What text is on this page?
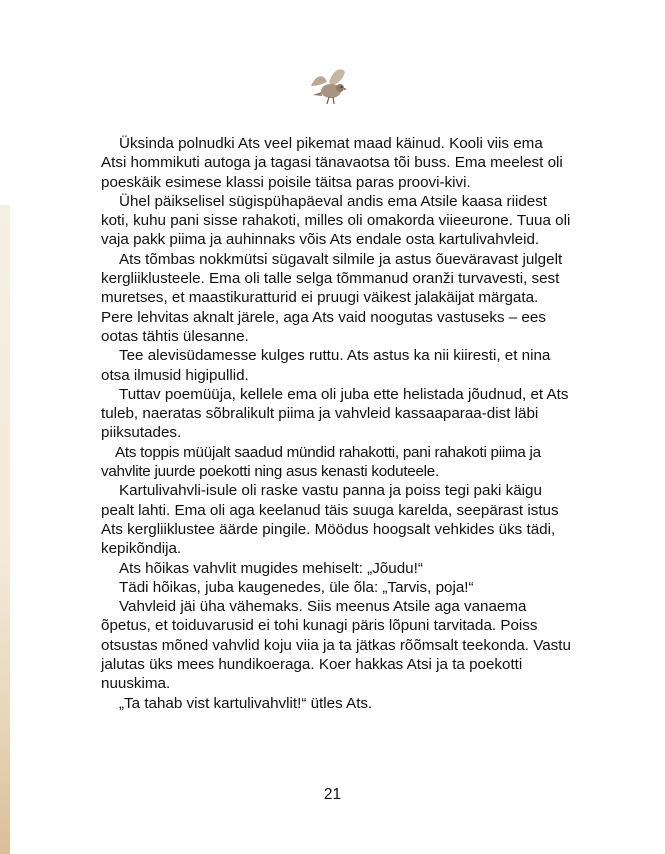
Üksinda polnudki Ats veel pikemat maad käinud. Kooli viis ema Atsi hommikuti autoga ja tagasi tänavaotsa tõi buss. Ema meelest oli poeskäik esimese klassi poisile täitsa paras proovi-kivi.

Ühel päikselisel sügispühapäeval andis ema Atsile kaasa riidest koti, kuhu pani sisse rahakoti, milles oli omakorda viieeurone. Tuua oli vaja pakk piima ja auhinnaks võis Ats endale osta kartulivahvleid.

Ats tõmbas nokkmütsi sügavalt silmile ja astus õueväravast julgelt kergliiklusteele. Ema oli talle selga tõmmanud oranži turvavesti, sest muretses, et maastikuratturid ei pruugi väikest jalakäijat märgata. Pere lehvitas aknalt järele, aga Ats vaid noogutas vastuseks – ees ootas tähtis ülesanne.

Tee alevisüdamesse kulges ruttu. Ats astus ka nii kiiresti, et nina otsa ilmusid higipullid.

Tuttav poemüüja, kellele ema oli juba ette helistada jõudnud, et Ats tuleb, naeratas sõbralikult piima ja vahvleid kassaaparaa-dist läbi piiksutades.

Ats toppis müüjalt saadud mündid rahakotti, pani rahakoti piima ja vahvlite juurde poekotti ning asus kenasti koduteele.

Kartulivahvli-isule oli raske vastu panna ja poiss tegi paki käigu pealt lahti. Ema oli aga keelanud täis suuga karelda, seepärast istus Ats kergliiklustee äärde pingile. Möödus hoogsalt vehkides üks tädi, kepikõndija.

Ats hõikas vahvlit mugides mehiselt: „Jõudu!“

Tädi hõikas, juba kaugenedes, üle õla: „Tarvis, poja!“

Vahvleid jäi üha vähemaks. Siis meenus Atsile aga vanaema õpetus, et toiduvarusid ei tohi kunagi päris lõpuni tarvitada. Poiss otsustas mõned vahvlid koju viia ja ta jätkas rõõmsalt teekonda. Vastu jalutas üks mees hundikoeraga. Koer hakkas Atsi ja ta poekotti nuuskima.

„Ta tahab vist kartulivahvlit!“ ütles Ats.

21
